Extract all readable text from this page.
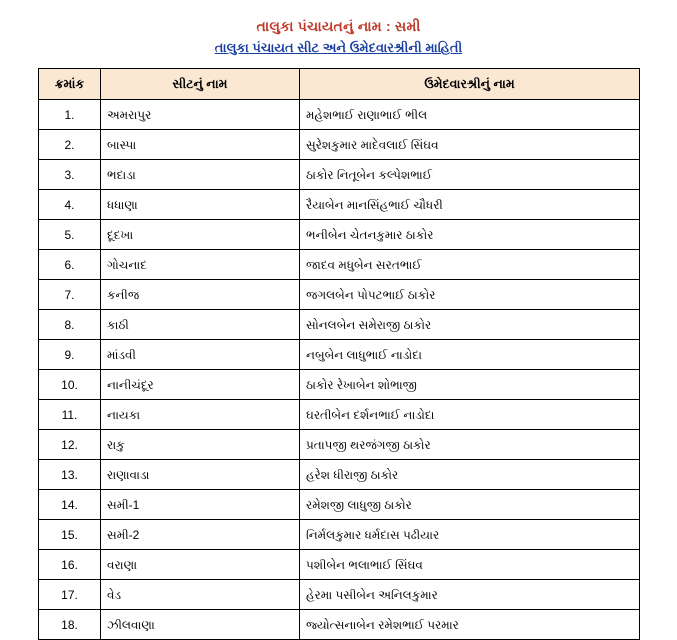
તાલુકા પંચાયતનું નામ : સમી
તાલુકા પંચાયત સીટ અને ઉમેદવારશ્રીની માહિતી
ક્રમાંક	સીટનું નામ	ઉમેદવારશ્રીનું નામ
1.	અમરાપુર	મહેશભાઈ રાણાભાઈ ભીલ
2.	બાસ્પા	સુરેશકુમાર માદેવલાઈ સિંઘવ
3.	ભદાડા	ઠાકોર નિતૂબેન કલ્પેશભાઈ
4.	ધધાણા	રૈયાબેન માનસિંહભાઈ ચૌધરી
5.	દૂદખા	ભનીબેન ચેતનકુમાર ઠાકોર
6.	ગોચનાદ	જાદવ મધુબેન સરતભાઈ
7.	કનીજ	જગલબેન પોપટભાઈ ઠાકોર
8.	કાઠી	સોનલબેન સમેરાજી ઠાકોર
9.	માંડવી	નબુબેન લાધુભાઈ નાડોદા
10.	નાનીચંદૂર	ઠાકોર રેખાબેન શોભાજી
11.	નાયકા	ઘરતીબેન દર્શનભાઈ નાડોદા
12.	રાકુ	પ્રતાપજી થરજંગજી ઠાકોર
13.	રાણાવાડા	હરેશ ધીરાજી ઠાકોર
14.	સમી-1	રમેશજી લાધુજી ઠાકોર
15.	સમી-2	નિર્મલકુમાર ધર્મદાસ પઢીયાર
16.	વરાણા	પશીબેન ભલાભાઈ સિંઘવ
17.	વેડ	હેરમા પસીબેન અનિલકુમાર
18.	ઝીલવાણા	જ્યોત્સનાબેન રમેશભાઈ પરમાર
